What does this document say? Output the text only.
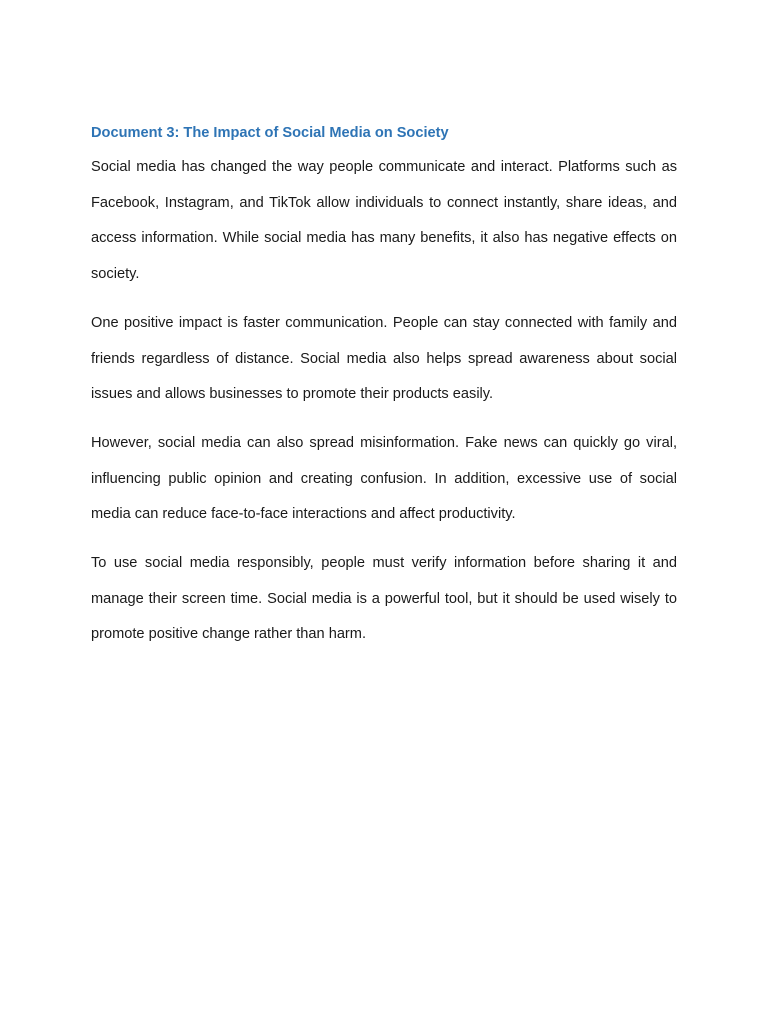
Document 3: The Impact of Social Media on Society

Social media has changed the way people communicate and interact. Platforms such as Facebook, Instagram, and TikTok allow individuals to connect instantly, share ideas, and access information. While social media has many benefits, it also has negative effects on society.

One positive impact is faster communication. People can stay connected with family and friends regardless of distance. Social media also helps spread awareness about social issues and allows businesses to promote their products easily.

However, social media can also spread misinformation. Fake news can quickly go viral, influencing public opinion and creating confusion. In addition, excessive use of social media can reduce face-to-face interactions and affect productivity.

To use social media responsibly, people must verify information before sharing it and manage their screen time. Social media is a powerful tool, but it should be used wisely to promote positive change rather than harm.
